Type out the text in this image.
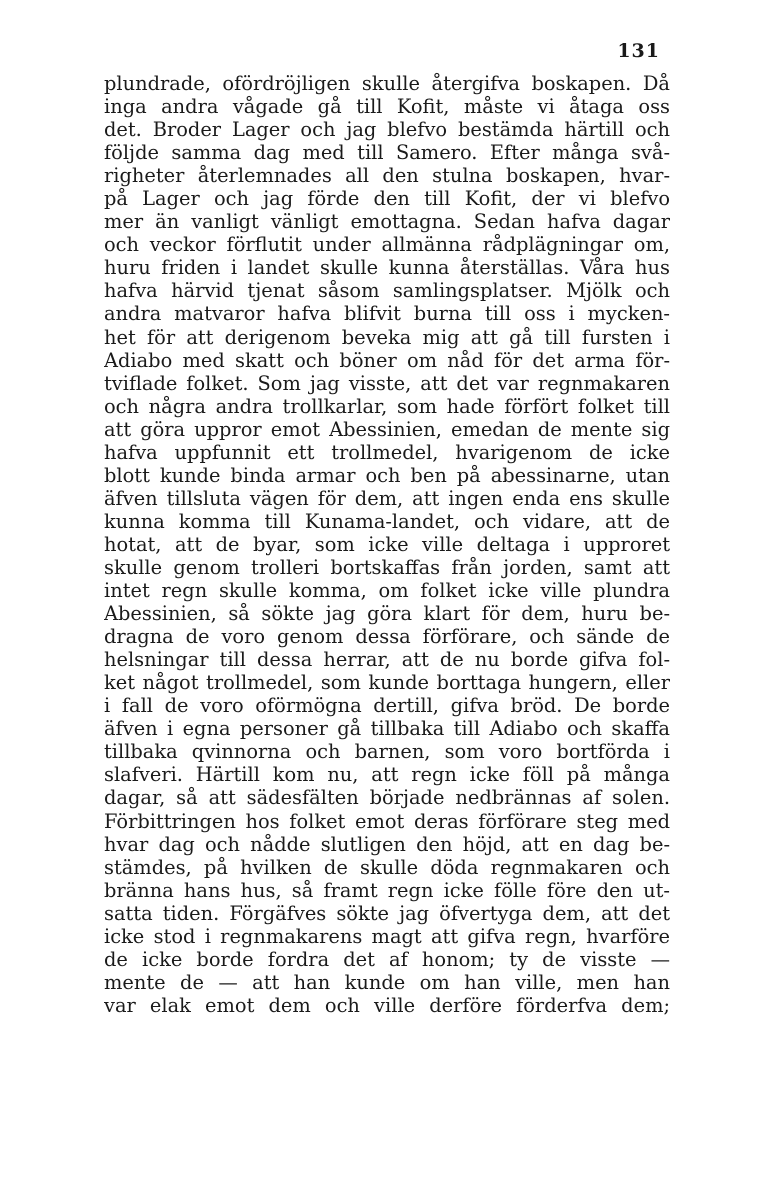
131
plundrade, ofördröjligen skulle återgifva boskapen. Då
inga andra vågade gå till Kofit, måste vi åtaga oss
det. Broder Lager och jag blefvo bestämda härtill och
följde samma dag med till Samero. Efter många svå-
righeter återlemnades all den stulna boskapen, hvar-
på Lager och jag förde den till Kofit, der vi blefvo
mer än vanligt vänligt emottagna. Sedan hafva dagar
och veckor förflutit under allmänna rådplägningar om,
huru friden i landet skulle kunna återställas. Våra hus
hafva härvid tjenat såsom samlingsplatser. Mjölk och
andra matvaror hafva blifvit burna till oss i mycken-
het för att derigenom beveka mig att gå till fursten i
Adiabo med skatt och böner om nåd för det arma för-
tviflade folket. Som jag visste, att det var regnmakaren
och några andra trollkarlar, som hade förfört folket till
att göra uppror emot Abessinien, emedan de mente sig
hafva uppfunnit ett trollmedel, hvarigenom de icke
blott kunde binda armar och ben på abessinarne, utan
äfven tillsluta vägen för dem, att ingen enda ens skulle
kunna komma till Kunama-landet, och vidare, att de
hotat, att de byar, som icke ville deltaga i upproret
skulle genom trolleri bortskaffas från jorden, samt att
intet regn skulle komma, om folket icke ville plundra
Abessinien, så sökte jag göra klart för dem, huru be-
dragna de voro genom dessa förförare, och sände de
helsningar till dessa herrar, att de nu borde gifva fol-
ket något trollmedel, som kunde borttaga hungern, eller
i fall de voro oförmögna dertill, gifva bröd. De borde
äfven i egna personer gå tillbaka till Adiabo och skaffa
tillbaka qvinnorna och barnen, som voro bortförda i
slafveri. Härtill kom nu, att regn icke föll på många
dagar, så att sädesfälten började nedbrännas af solen.
Förbittringen hos folket emot deras förförare steg med
hvar dag och nådde slutligen den höjd, att en dag be-
stämdes, på hvilken de skulle döda regnmakaren och
bränna hans hus, så framt regn icke fölle före den ut-
satta tiden. Förgäfves sökte jag öfvertyga dem, att det
icke stod i regnmakarens magt att gifva regn, hvarföre
de icke borde fordra det af honom; ty de visste —
mente de — att han kunde om han ville, men han
var elak emot dem och ville derföre förderfva dem;
